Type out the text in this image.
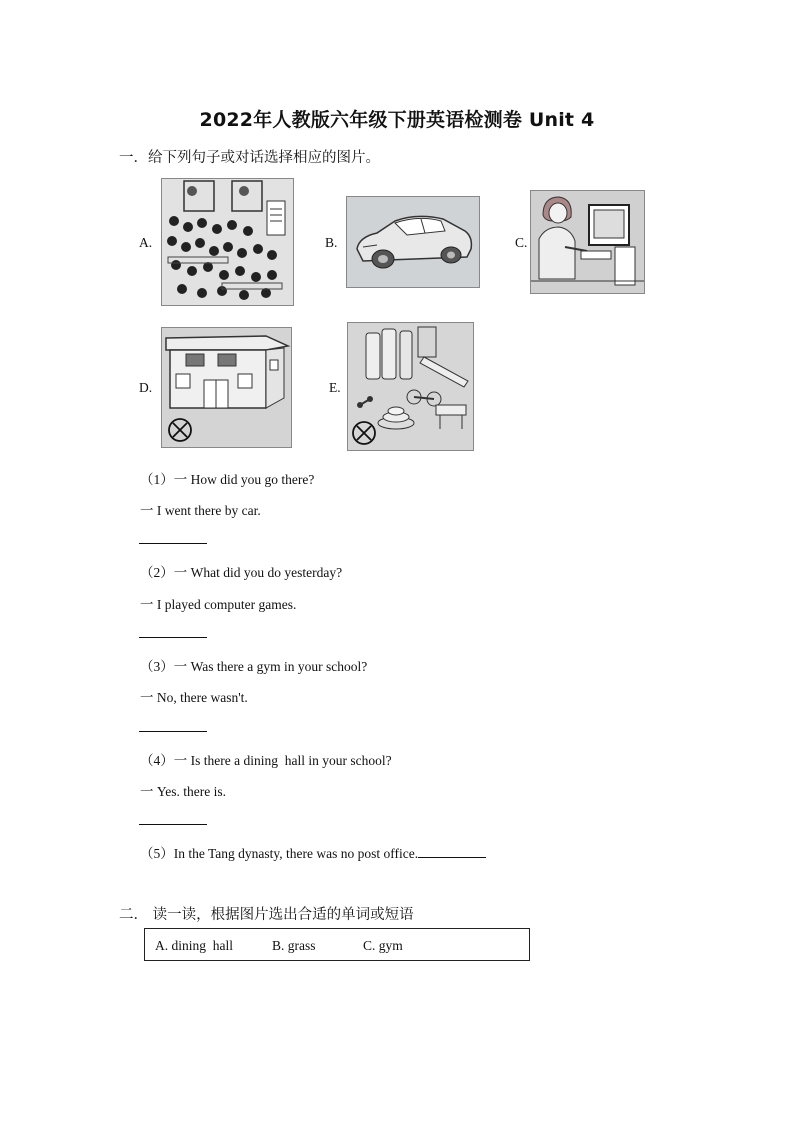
2022年人教版六年级下册英语检测卷 Unit 4
一．给下列句子或对话选择相应的图片。
A.	B.	C.
D.	E.
（1）一 How did you go there?
一 I went there by car.
（2）一 What did you do yesterday?
一 I played computer games.
（3）一 Was there a gym in your school?
一 No, there wasn't.
（4）一 Is there a dining  hall in your school?
一 Yes. there is.
（5）In the Tang dynasty, there was no post office.
二． 读一读，根据图片选出合适的单词或短语
A. dining  hall	B. grass	C. gym
